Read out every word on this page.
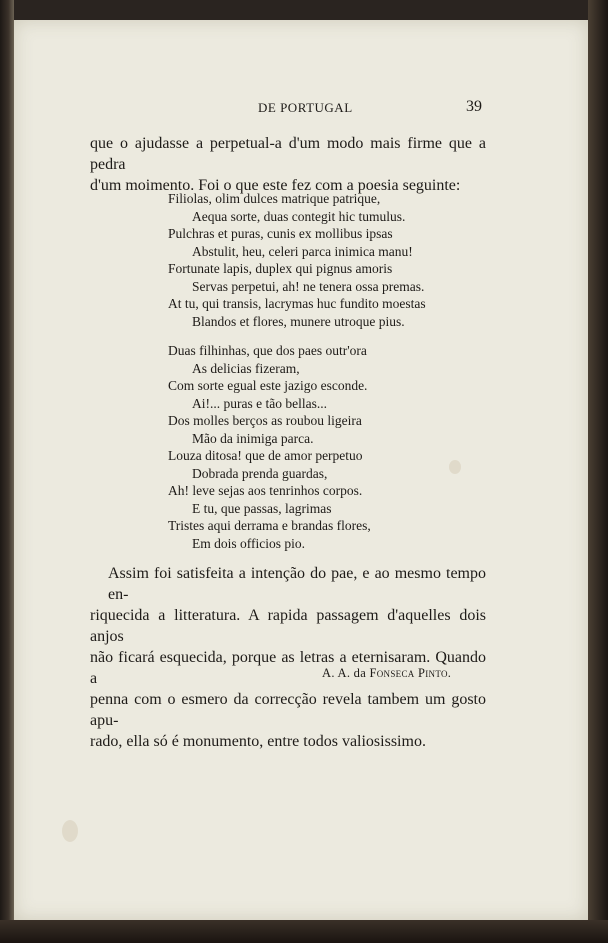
DE PORTUGAL	39

que o ajudasse a perpetual-a d'um modo mais firme que a pedra
d'um moimento. Foi o que este fez com a poesia seguinte:

Filiolas, olim dulces matrique patrique,
Aequa sorte, duas contegit hic tumulus.
Pulchras et puras, cunis ex mollibus ipsas
Abstulit, heu, celeri parca inimica manu!
Fortunate lapis, duplex qui pignus amoris
Servas perpetui, ah! ne tenera ossa premas.
At tu, qui transis, lacrymas huc fundito moestas
Blandos et flores, munere utroque pius.
Duas filhinhas, que dos paes outr'ora
As delicias fizeram,
Com sorte egual este jazigo esconde.
Ai!... puras e tão bellas...
Dos molles berços as roubou ligeira
Mão da inimiga parca.
Louza ditosa! que de amor perpetuo
Dobrada prenda guardas,
Ah! leve sejas aos tenrinhos corpos.
E tu, que passas, lagrimas
Tristes aqui derrama e brandas flores,
Em dois officios pio.

Assim foi satisfeita a intenção do pae, e ao mesmo tempo en-
riquecida a litteratura. A rapida passagem d'aquelles dois anjos
não ficará esquecida, porque as letras a eternisaram. Quando a
penna com o esmero da correcção revela tambem um gosto apu-
rado, ella só é monumento, entre todos valiosissimo.

A. A. da Fonseca Pinto.
